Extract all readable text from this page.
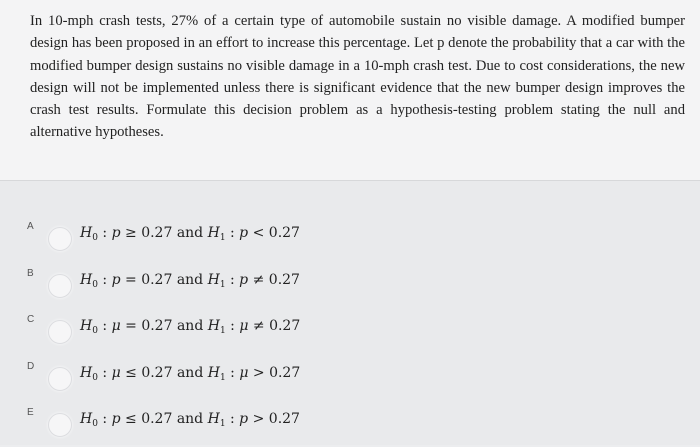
In 10-mph crash tests, 27% of a certain type of automobile sustain no visible damage. A modified bumper design has been proposed in an effort to increase this percentage. Let p denote the probability that a car with the modified bumper design sustains no visible damage in a 10-mph crash test. Due to cost considerations, the new design will not be implemented unless there is significant evidence that the new bumper design improves the crash test results. Formulate this decision problem as a hypothesis-testing problem stating the null and alternative hypotheses.
A	$H_0$ : p ≥ 0.27 and $H_1$ : p < 0.27
B	$H_0$ : p = 0.27 and $H_1$ : p ≠ 0.27
C	$H_0$ : μ = 0.27 and $H_1$ : μ ≠ 0.27
D	$H_0$ : μ ≤ 0.27 and $H_1$ : μ > 0.27
E	$H_0$ : p ≤ 0.27 and $H_1$ : p > 0.27
